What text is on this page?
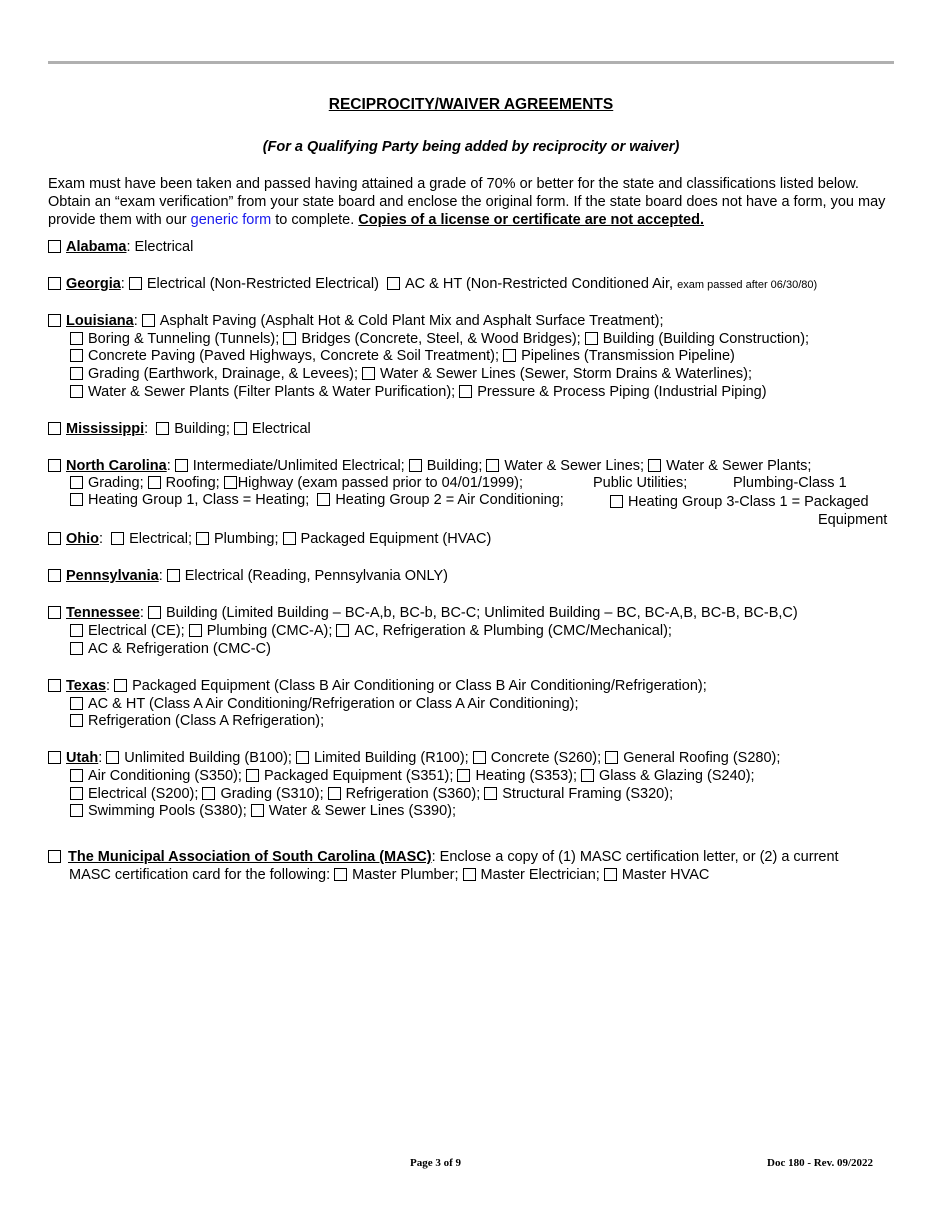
RECIPROCITY/WAIVER AGREEMENTS
(For a Qualifying Party being added by reciprocity or waiver)
Exam must have been taken and passed having attained a grade of 70% or better for the state and classifications listed below. Obtain an “exam verification” from your state board and enclose the original form. If the state board does not have a form, you may provide them with our generic form to complete. Copies of a license or certificate are not accepted.
Alabama: Electrical
Georgia: Electrical (Non-Restricted Electrical) AC & HT (Non-Restricted Conditioned Air, exam passed after 06/30/80)
Louisiana: Asphalt Paving (Asphalt Hot & Cold Plant Mix and Asphalt Surface Treatment);
Boring & Tunneling (Tunnels); Bridges (Concrete, Steel, & Wood Bridges); Building (Building Construction);
Concrete Paving (Paved Highways, Concrete & Soil Treatment); Pipelines (Transmission Pipeline)
Grading (Earthwork, Drainage, & Levees); Water & Sewer Lines (Sewer, Storm Drains & Waterlines);
Water & Sewer Plants (Filter Plants & Water Purification); Pressure & Process Piping (Industrial Piping)
Mississippi:  Building; Electrical
North Carolina: Intermediate/Unlimited Electrical; Building; Water & Sewer Lines; Water & Sewer Plants;
Grading; Roofing; Highway (exam passed prior to 04/01/1999);	Public Utilities;	Plumbing-Class 1
Heating Group 1, Class = Heating; Heating Group 2 = Air Conditioning;	Heating Group 3-Class 1 = Packaged
Equipment
Ohio:  Electrical; Plumbing; Packaged Equipment (HVAC)
Pennsylvania: Electrical (Reading, Pennsylvania ONLY)
Tennessee: Building (Limited Building – BC-A,b, BC-b, BC-C; Unlimited Building – BC, BC-A,B, BC-B, BC-B,C)
Electrical (CE); Plumbing (CMC-A); AC, Refrigeration & Plumbing (CMC/Mechanical);
AC & Refrigeration (CMC-C)
Texas: Packaged Equipment (Class B Air Conditioning or Class B Air Conditioning/Refrigeration);
AC & HT (Class A Air Conditioning/Refrigeration or Class A Air Conditioning);
Refrigeration (Class A Refrigeration);
Utah: Unlimited Building (B100); Limited Building (R100); Concrete (S260); General Roofing (S280);
Air Conditioning (S350); Packaged Equipment (S351); Heating (S353); Glass & Glazing (S240);
Electrical (S200); Grading (S310); Refrigeration (S360); Structural Framing (S320);
Swimming Pools (S380); Water & Sewer Lines (S390);
The Municipal Association of South Carolina (MASC): Enclose a copy of (1) MASC certification letter, or (2) a current
MASC certification card for the following: Master Plumber; Master Electrician; Master HVAC
Page 3 of 9	Doc 180 - Rev. 09/2022
